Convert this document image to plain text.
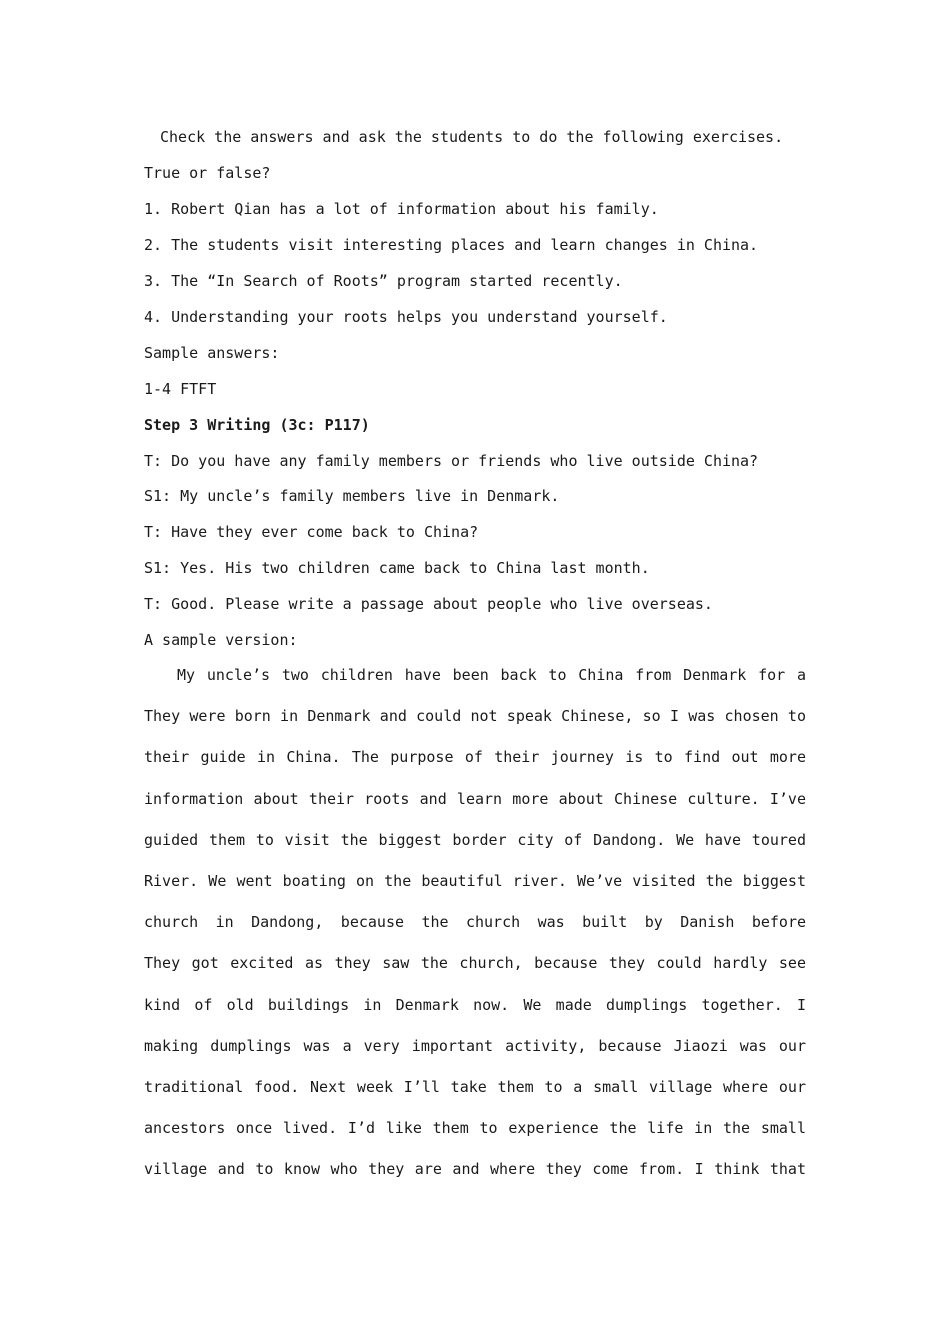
Check the answers and ask the students to do the following exercises.
True or false?
1. Robert Qian has a lot of information about his family.
2. The students visit interesting places and learn changes in China.
3. The “In Search of Roots” program started recently.
4. Understanding your roots helps you understand yourself.
Sample answers:
1-4 FTFT
Step 3 Writing (3c: P117)
T: Do you have any family members or friends who live outside China?
S1: My uncle’s family members live in Denmark.
T: Have they ever come back to China?
S1: Yes. His two children came back to China last month.
T: Good. Please write a passage about people who live overseas.
A sample version:
My uncle’s two children have been back to China from Denmark for a
They were born in Denmark and could not speak Chinese, so I was chosen to
their guide in China. The purpose of their journey is to find out more
information about their roots and learn more about Chinese culture. I’ve
guided them to visit the biggest border city of Dandong. We have toured
River. We went boating on the beautiful river. We’ve visited the biggest
church in Dandong, because the church was built by Danish before
They got excited as they saw the church, because they could hardly see
kind of old buildings in Denmark now. We made dumplings together. I
making dumplings was a very important activity, because Jiaozi was our
traditional food. Next week I’ll take them to a small village where our
ancestors once lived. I’d like them to experience the life in the small
village and to know who they are and where they come from. I think that
